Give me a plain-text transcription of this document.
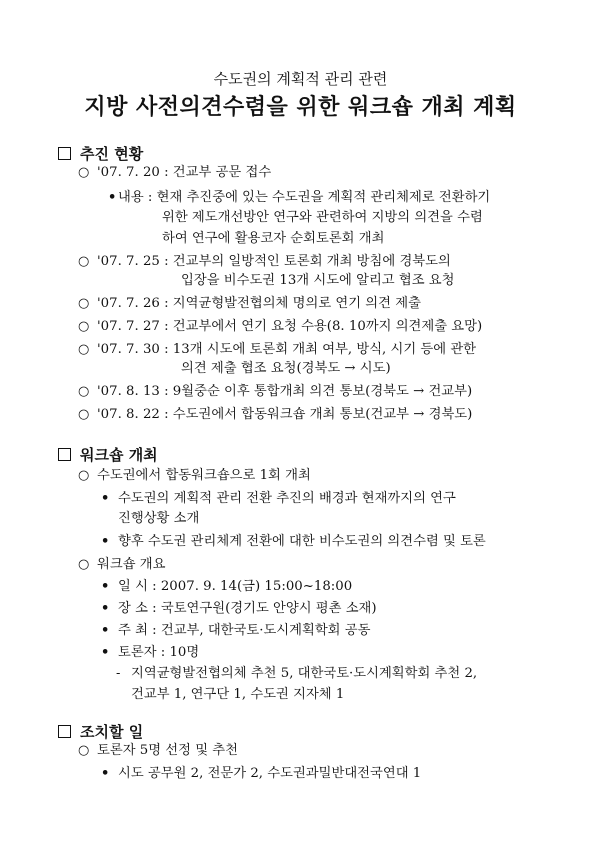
수도권의 계획적 관리 관련
지방 사전의견수렴을 위한 워크숍 개최 계획
추진 현황
○ '07. 7. 20 : 건교부 공문 접수
• 내용 : 현재 추진중에 있는 수도권을 계획적 관리체제로 전환하기
위한 제도개선방안 연구와 관련하여 지방의 의견을 수렴
하여 연구에 활용코자 순회토론회 개최
○ '07. 7. 25 : 건교부의 일방적인 토론회 개최 방침에 경북도의
입장을 비수도권 13개 시도에 알리고 협조 요청
○ '07. 7. 26 : 지역균형발전협의체 명의로 연기 의견 제출
○ '07. 7. 27 : 건교부에서 연기 요청 수용(8. 10까지 의견제출 요망)
○ '07. 7. 30 : 13개 시도에 토론회 개최 여부, 방식, 시기 등에 관한
의견 제출 협조 요청(경북도 → 시도)
○ '07. 8. 13 : 9월중순 이후 통합개최 의견 통보(경북도 → 건교부)
○ '07. 8. 22 : 수도권에서 합동워크숍 개최 통보(건교부 → 경북도)
워크숍 개최
○ 수도권에서 합동워크숍으로 1회 개최
• 수도권의 계획적 관리 전환 추진의 배경과 현재까지의 연구
진행상황 소개
• 향후 수도권 관리체계 전환에 대한 비수도권의 의견수렴 및 토론
○ 워크숍 개요
• 일 시 : 2007. 9. 14(금) 15:00~18:00
• 장 소 : 국토연구원(경기도 안양시 평촌 소재)
• 주 최 : 건교부, 대한국토·도시계획학회 공동
• 토론자 : 10명
- 지역균형발전협의체 추천 5, 대한국토·도시계획학회 추천 2,
건교부 1, 연구단 1, 수도권 지자체 1
조치할 일
○ 토론자 5명 선정 및 추천
• 시도 공무원 2, 전문가 2, 수도권과밀반대전국연대 1
